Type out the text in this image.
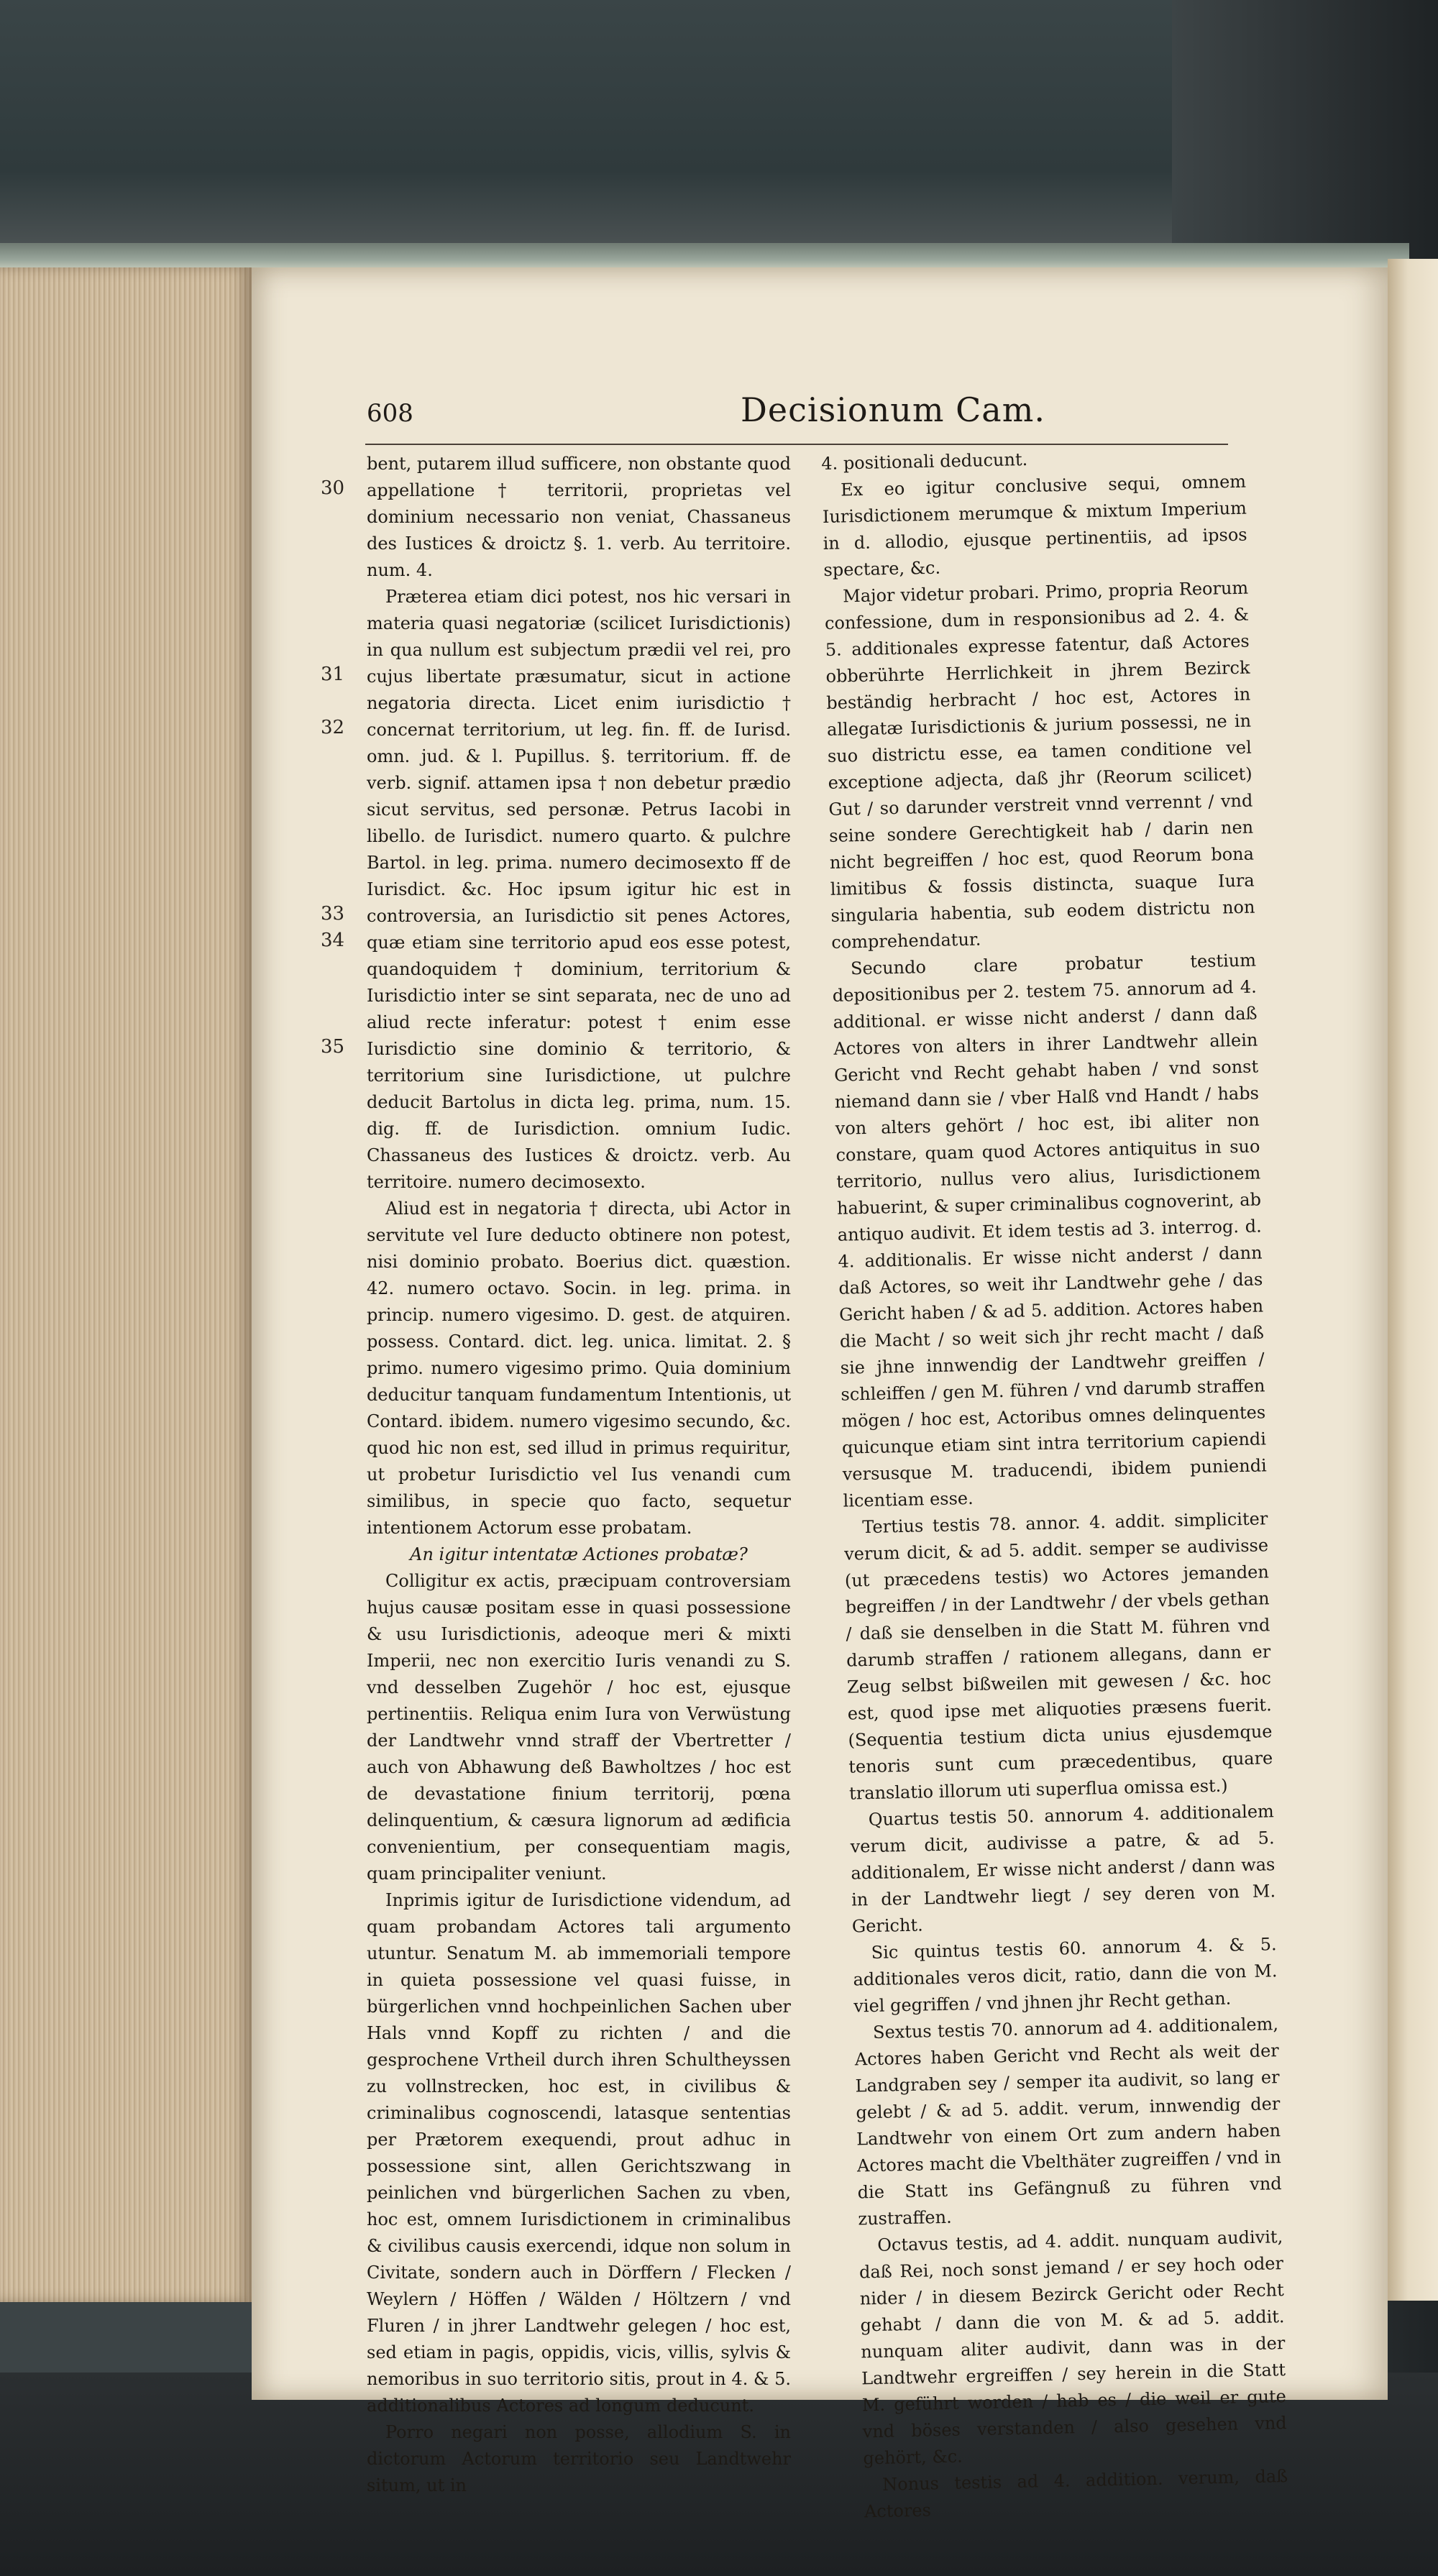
608	Decisionum Cam.
30
31
32
33
34
35

bent, putarem illud sufficere, non obstante quod appellatione † territorii, proprietas vel dominium necessario non veniat, Chassaneus des Iustices & droictz §. 1. verb. Au territoire. num. 4.

Præterea etiam dici potest, nos hic versari in materia quasi negatoriæ (scilicet Iurisdictionis) in qua nullum est subjectum prædii vel rei, pro cujus libertate præsumatur, sicut in actione negatoria directa. Licet enim iurisdictio † concernat territorium, ut leg. fin. ff. de Iurisd. omn. jud. & l. Pupillus. §. territorium. ff. de verb. signif. attamen ipsa † non debetur prædio sicut servitus, sed personæ. Petrus Iacobi in libello. de Iurisdict. numero quarto. & pulchre Bartol. in leg. prima. numero decimosexto ff de Iurisdict. &c. Hoc ipsum igitur hic est in controversia, an Iurisdictio sit penes Actores, quæ etiam sine territorio apud eos esse potest, quandoquidem † dominium, territorium & Iurisdictio inter se sint separata, nec de uno ad aliud recte inferatur: potest † enim esse Iurisdictio sine dominio & territorio, & territorium sine Iurisdictione, ut pulchre deducit Bartolus in dicta leg. prima, num. 15. dig. ff. de Iurisdiction. omnium Iudic. Chassaneus des Iustices & droictz. verb. Au territoire. numero decimosexto.

Aliud est in negatoria † directa, ubi Actor in servitute vel Iure deducto obtinere non potest, nisi dominio probato. Boerius dict. quæstion. 42. numero octavo. Socin. in leg. prima. in princip. numero vigesimo. D. gest. de atquiren. possess. Contard. dict. leg. unica. limitat. 2. § primo. numero vigesimo primo. Quia dominium deducitur tanquam fundamentum Intentionis, ut Contard. ibidem. numero vigesimo secundo, &c. quod hic non est, sed illud in primus requiritur, ut probetur Iurisdictio vel Ius venandi cum similibus, in specie quo facto, sequetur intentionem Actorum esse probatam.

An igitur intentatæ Actiones probatæ?

Colligitur ex actis, præcipuam controversiam hujus causæ positam esse in quasi possessione & usu Iurisdictionis, adeoque meri & mixti Imperii, nec non exercitio Iuris venandi zu S. vnd desselben Zugehör / hoc est, ejusque pertinentiis. Reliqua enim Iura von Verwüstung der Landtwehr vnnd straff der Vbertretter / auch von Abhawung deß Bawholtzes / hoc est de devastatione finium territorij, pœna delinquentium, & cæsura lignorum ad ædificia convenientium, per consequentiam magis, quam principaliter veniunt.

Inprimis igitur de Iurisdictione videndum, ad quam probandam Actores tali argumento utuntur. Senatum M. ab immemoriali tempore in quieta possessione vel quasi fuisse, in bürgerlichen vnnd hochpeinlichen Sachen uber Hals vnnd Kopff zu richten / and die gesprochene Vrtheil durch ihren Schultheyssen zu vollnstrecken, hoc est, in civilibus & criminalibus cognoscendi, latasque sententias per Prætorem exequendi, prout adhuc in possessione sint, allen Gerichtszwang in peinlichen vnd bürgerlichen Sachen zu vben, hoc est, omnem Iurisdictionem in criminalibus & civilibus causis exercendi, idque non solum in Civitate, sondern auch in Dörffern / Flecken / Weylern / Höffen / Wälden / Höltzern / vnd Fluren / in jhrer Landtwehr gelegen / hoc est, sed etiam in pagis, oppidis, vicis, villis, sylvis & nemoribus in suo territorio sitis, prout in 4. & 5. additionalibus Actores ad longum deducunt.

Porro negari non posse, allodium S. in dictorum Actorum territorio seu Landtwehr situm, ut in

4. positionali deducunt.

Ex eo igitur conclusive sequi, omnem Iurisdictionem merumque & mixtum Imperium in d. allodio, ejusque pertinentiis, ad ipsos spectare, &c.

Major videtur probari. Primo, propria Reorum confessione, dum in responsionibus ad 2. 4. & 5. additionales expresse fatentur, daß Actores obberührte Herrlichkeit in jhrem Bezirck beständig herbracht / hoc est, Actores in allegatæ Iurisdictionis & jurium possessi, ne in suo districtu esse, ea tamen conditione vel exceptione adjecta, daß jhr (Reorum scilicet) Gut / so darunder verstreit vnnd verrennt / vnd seine sondere Gerechtigkeit hab / darin nen nicht begreiffen / hoc est, quod Reorum bona limitibus & fossis distincta, suaque Iura singularia habentia, sub eodem districtu non comprehendatur.

Secundo clare probatur testium depositionibus per 2. testem 75. annorum ad 4. additional. er wisse nicht anderst / dann daß Actores von alters in ihrer Landtwehr allein Gericht vnd Recht gehabt haben / vnd sonst niemand dann sie / vber Halß vnd Handt / habs von alters gehört / hoc est, ibi aliter non constare, quam quod Actores antiquitus in suo territorio, nullus vero alius, Iurisdictionem habuerint, & super criminalibus cognoverint, ab antiquo audivit. Et idem testis ad 3. interrog. d. 4. additionalis. Er wisse nicht anderst / dann daß Actores, so weit ihr Landtwehr gehe / das Gericht haben / & ad 5. addition. Actores haben die Macht / so weit sich jhr recht macht / daß sie jhne innwendig der Landtwehr greiffen / schleiffen / gen M. führen / vnd darumb straffen mögen / hoc est, Actoribus omnes delinquentes quicunque etiam sint intra territorium capiendi versusque M. traducendi, ibidem puniendi licentiam esse.

Tertius testis 78. annor. 4. addit. simpliciter verum dicit, & ad 5. addit. semper se audivisse (ut præcedens testis) wo Actores jemanden begreiffen / in der Landtwehr / der vbels gethan / daß sie denselben in die Statt M. führen vnd darumb straffen / rationem allegans, dann er Zeug selbst bißweilen mit gewesen / &c. hoc est, quod ipse met aliquoties præsens fuerit. (Sequentia testium dicta unius ejusdemque tenoris sunt cum præcedentibus, quare translatio illorum uti superflua omissa est.)

Quartus testis 50. annorum 4. additionalem verum dicit, audivisse a patre, & ad 5. additionalem, Er wisse nicht anderst / dann was in der Landtwehr liegt / sey deren von M. Gericht.

Sic quintus testis 60. annorum 4. & 5. additionales veros dicit, ratio, dann die von M. viel gegriffen / vnd jhnen jhr Recht gethan.

Sextus testis 70. annorum ad 4. additionalem, Actores haben Gericht vnd Recht als weit der Landgraben sey / semper ita audivit, so lang er gelebt / & ad 5. addit. verum, innwendig der Landtwehr von einem Ort zum andern haben Actores macht die Vbelthäter zugreiffen / vnd in die Statt ins Gefängnuß zu führen vnd zustraffen.

Octavus testis, ad 4. addit. nunquam audivit, daß Rei, noch sonst jemand / er sey hoch oder nider / in diesem Bezirck Gericht oder Recht gehabt / dann die von M. & ad 5. addit. nunquam aliter audivit, dann was in der Landtwehr ergreiffen / sey herein in die Statt M. geführt worden / hab es / die weil er gute vnd böses verstanden / also gesehen vnd gehört, &c.

Nonus testis ad 4. addition. verum, daß Actores
